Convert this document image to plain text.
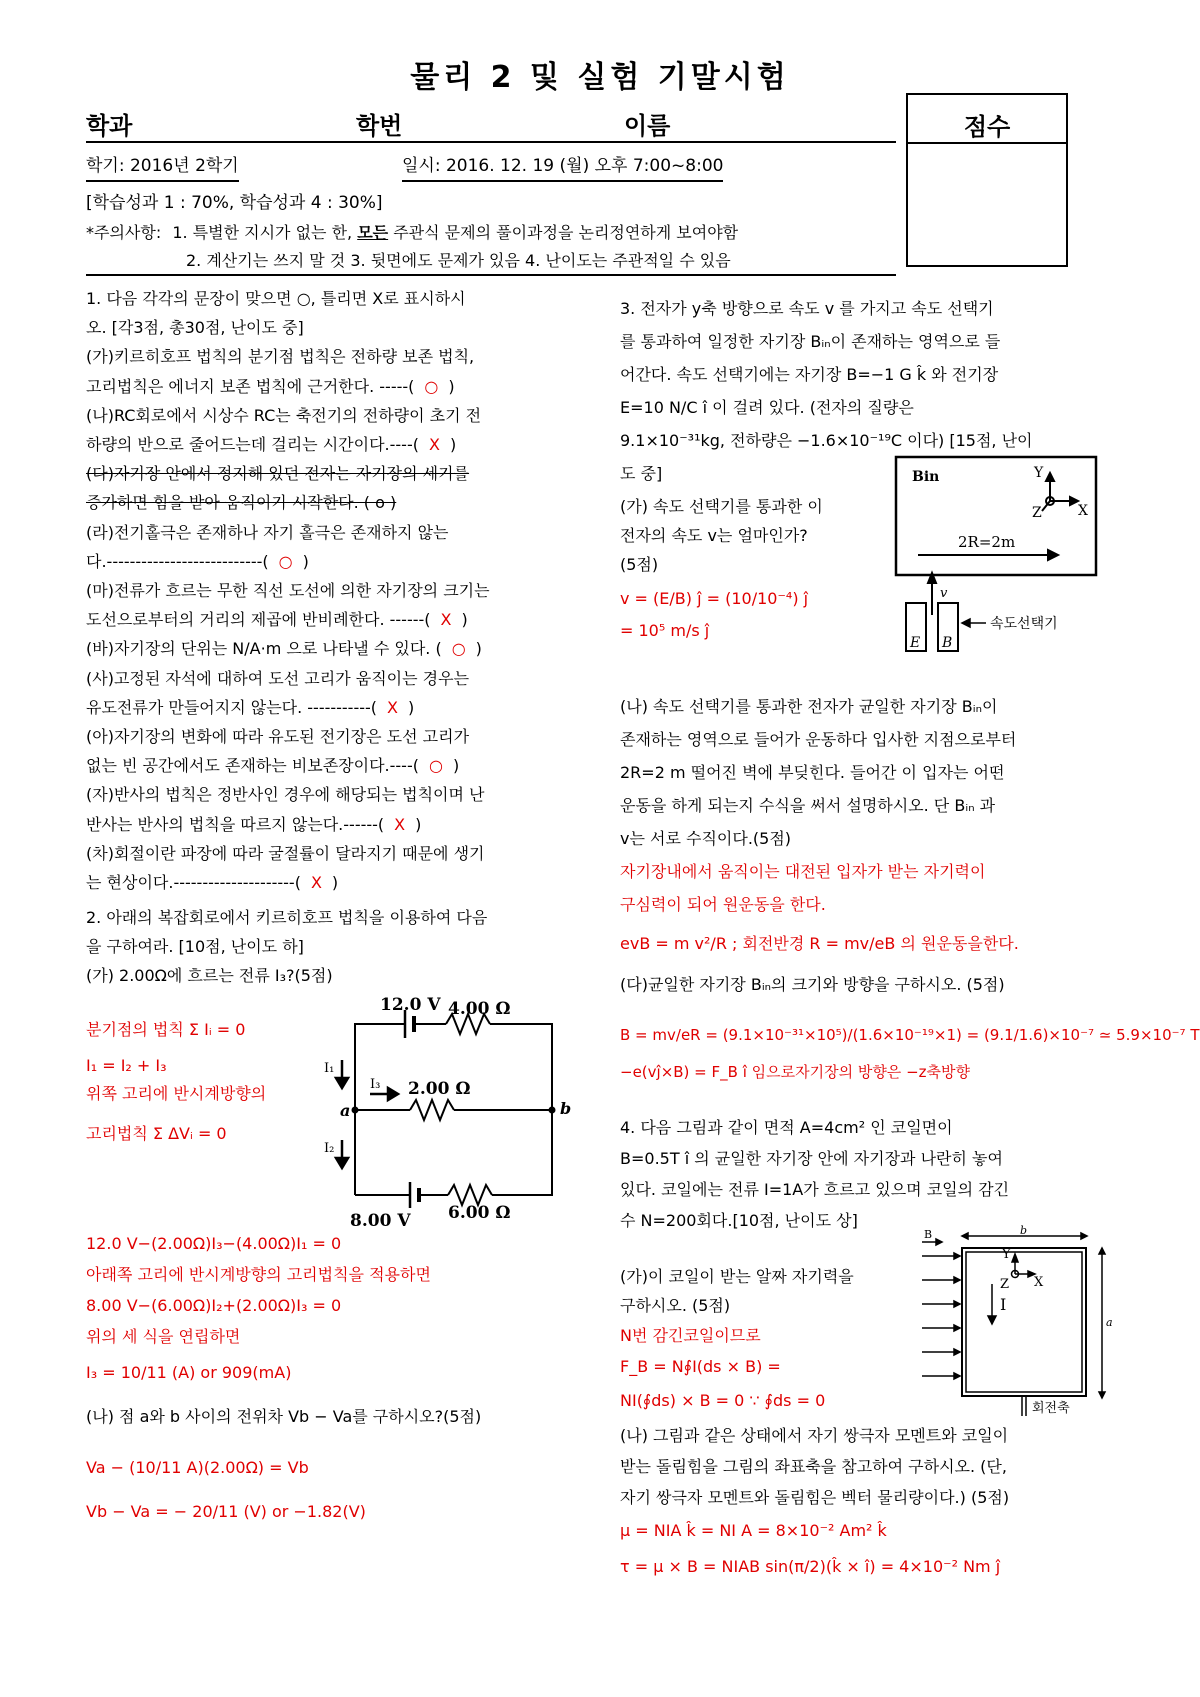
물리 2 및 실험 기말시험
학과	학번	이름	점수
학기: 2016년 2학기	일시: 2016. 12. 19 (월) 오후 7:00~8:00
[학습성과 1 : 70%, 학습성과 4 : 30%]
*주의사항: 1. 특별한 지시가 없는 한, 모든 주관식 문제의 풀이과정을 논리정연하게 보여야함
2. 계산기는 쓰지 말 것 3. 뒷면에도 문제가 있음 4. 난이도는 주관적일 수 있음

1. 다음 각각의 문장이 맞으면 ○, 틀리면 X로 표시하시

오. [각3점, 총30점, 난이도 중]

(가)키르히호프 법칙의 분기점 법칙은 전하량 보존 법칙,

고리법칙은 에너지 보존 법칙에 근거한다. -----( ○ )

(나)RC회로에서 시상수 RC는 축전기의 전하량이 초기 전

하량의 반으로 줄어드는데 걸리는 시간이다.----( X )

(다)자기장 안에서 정지해 있던 전자는 자기장의 세기를

증가하면 힘을 받아 움직이기 시작한다. ( o )

(라)전기홀극은 존재하나 자기 홀극은 존재하지 않는

다.---------------------------( ○ )

(마)전류가 흐르는 무한 직선 도선에 의한 자기장의 크기는

도선으로부터의 거리의 제곱에 반비례한다. ------( X )

(바)자기장의 단위는 N/A·m 으로 나타낼 수 있다. ( ○ )

(사)고정된 자석에 대하여 도선 고리가 움직이는 경우는

유도전류가 만들어지지 않는다. -----------( X )

(아)자기장의 변화에 따라 유도된 전기장은 도선 고리가

없는 빈 공간에서도 존재하는 비보존장이다.----( ○ )

(자)반사의 법칙은 정반사인 경우에 해당되는 법칙이며 난

반사는 반사의 법칙을 따르지 않는다.------( X )

(차)회절이란 파장에 따라 굴절률이 달라지기 때문에 생기

는 현상이다.---------------------( X )

2. 아래의 복잡회로에서 키르히호프 법칙을 이용하여 다음

을 구하여라. [10점, 난이도 하]

(가) 2.00Ω에 흐르는 전류 I₃?(5점)

분기점의 법칙 Σ Iᵢ = 0

I₁ = I₂ + I₃

위쪽 고리에 반시계방향의

고리법칙 Σ ΔVᵢ = 0

12.0 V 4.00 Ω
2.00 Ω
8.00 V 6.00 Ω
I₁
I₂
I₃
a	b

12.0 V−(2.00Ω)I₃−(4.00Ω)I₁ = 0

아래쪽 고리에 반시계방향의 고리법칙을 적용하면

8.00 V−(6.00Ω)I₂+(2.00Ω)I₃ = 0

위의 세 식을 연립하면

I₃ = 10/11 (A) or 909(mA)

(나) 점 a와 b 사이의 전위차 Vb − Va를 구하시오?(5점)

Va − (10/11 A)(2.00Ω) = Vb

Vb − Va = − 20/11 (V) or −1.82(V)

3. 전자가 y축 방향으로 속도 v 를 가지고 속도 선택기

를 통과하여 일정한 자기장 Bᵢₙ이 존재하는 영역으로 들

어간다. 속도 선택기에는 자기장 B=−1 G k̂ 와 전기장

E=10 N/C î 이 걸려 있다. (전자의 질량은

9.1×10⁻³¹kg, 전하량은 −1.6×10⁻¹⁹C 이다) [15점, 난이

도 중]

(가) 속도 선택기를 통과한 이

전자의 속도 v는 얼마인가?

(5점)

v = (E/B) ĵ = (10/10⁻⁴) ĵ

= 10⁵ m/s ĵ

Bin	Y
X
Z
2R=2m
v
E B
속도선택기

(나) 속도 선택기를 통과한 전자가 균일한 자기장 Bᵢₙ이

존재하는 영역으로 들어가 운동하다 입사한 지점으로부터

2R=2 m 떨어진 벽에 부딪힌다. 들어간 이 입자는 어떤

운동을 하게 되는지 수식을 써서 설명하시오. 단 Bᵢₙ 과

v는 서로 수직이다.(5점)

자기장내에서 움직이는 대전된 입자가 받는 자기력이

구심력이 되어 원운동을 한다.

evB = m v²/R ; 회전반경 R = mv/eB 의 원운동을한다.

(다)균일한 자기장 Bᵢₙ의 크기와 방향을 구하시오. (5점)

B = mv/eR = (9.1×10⁻³¹×10⁵)/(1.6×10⁻¹⁹×1) = (9.1/1.6)×10⁻⁷ ≃ 5.9×10⁻⁷ T

−e(vĵ×B) = F_B î 임으로자기장의 방향은 −z축방향

4. 다음 그림과 같이 면적 A=4cm² 인 코일면이

B=0.5T î 의 균일한 자기장 안에 자기장과 나란히 놓여

있다. 코일에는 전류 I=1A가 흐르고 있으며 코일의 감긴

수 N=200회다.[10점, 난이도 상]

(가)이 코일이 받는 알짜 자기력을

구하시오. (5점)

N번 감긴코일이므로

F_B = N∮I(ds × B) =

NI(∮ds) × B = 0 ∵ ∮ds = 0

B	b
a
Y
X
Z
I
회전축

(나) 그림과 같은 상태에서 자기 쌍극자 모멘트와 코일이

받는 돌림힘을 그림의 좌표축을 참고하여 구하시오. (단,

자기 쌍극자 모멘트와 돌림힘은 벡터 물리량이다.) (5점)

μ = NIA k̂ = NI A = 8×10⁻² Am² k̂

τ = μ × B = NIAB sin(π/2)(k̂ × î) = 4×10⁻² Nm ĵ
